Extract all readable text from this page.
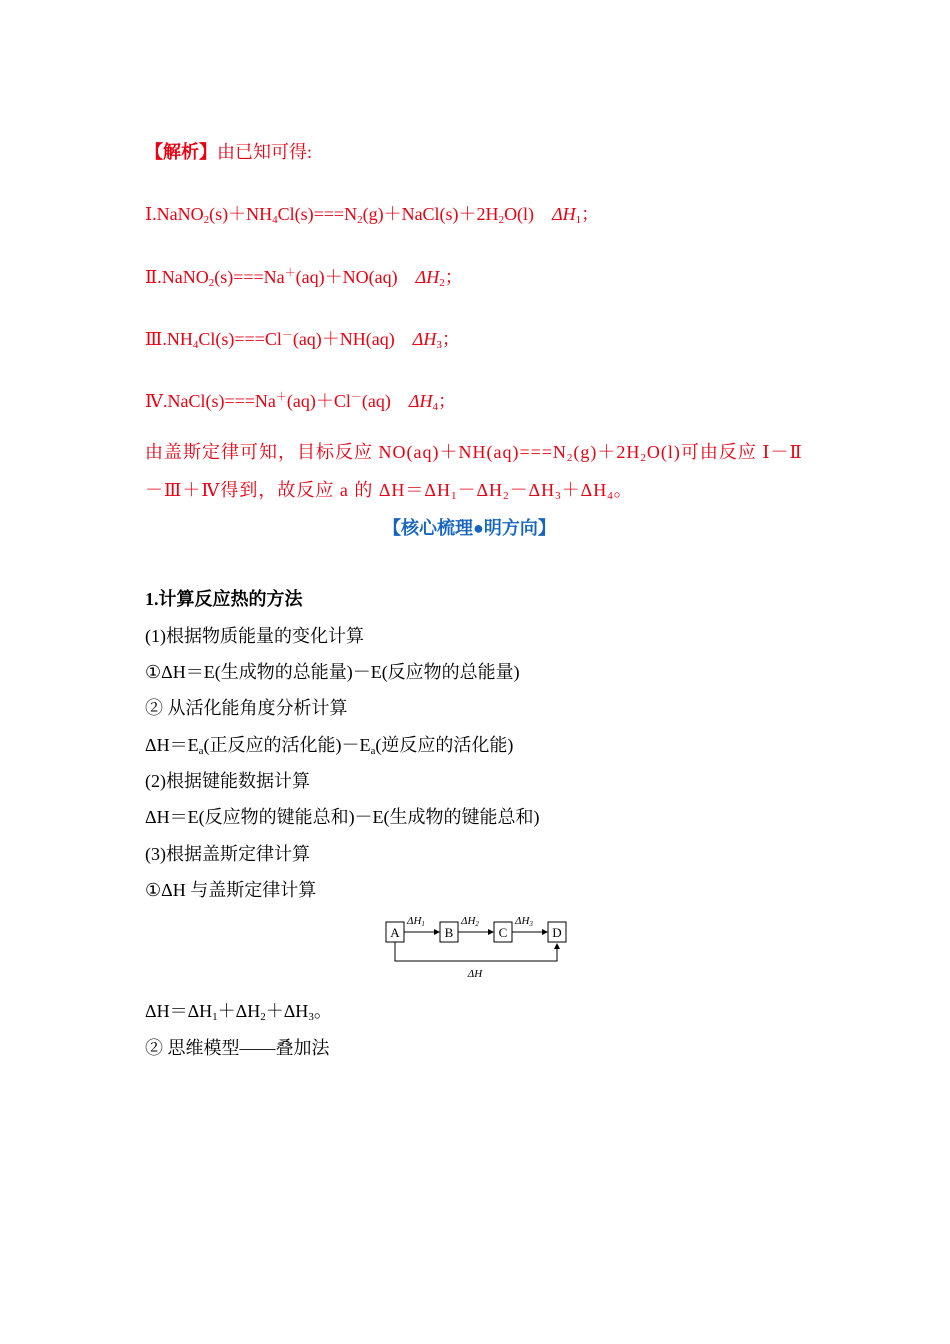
【解析】由已知可得:
$Ⅰ.NaNO_2(s)+NH_4Cl(s)===N_2(g)+NaCl(s)+2H_2O(l)$ $\Delta H_1$；
Ⅱ.NaNO$_2$(s)===Na＋(aq)＋NO(aq) $\Delta H_2$；
$Ⅲ.NH_4Cl(s)===Cl^-(aq)+NH(aq)$ $\Delta H_3$；
Ⅳ.NaCl(s)===Na＋(aq)＋Cl－(aq) $\Delta H_4$；
由盖斯定律可知，目标反应 $NO(aq)+NH(aq)===N_2(g)+2H_2O(l)$可由反应 Ⅰ－Ⅱ
－Ⅲ＋Ⅳ得到，故反应 a 的 $\Delta H=\Delta H_1-\Delta H_2-\Delta H_3+\Delta H_4$。
【核心梳理●明方向】
1.计算反应热的方法
(1)根据物质能量的变化计算
①ΔH＝E(生成物的总能量)－E(反应物的总能量)
② 从活化能角度分析计算
$\Delta H=E_a$(正反应的活化能)$-E_a$(逆反应的活化能)
(2)根据键能数据计算
ΔH＝E(反应物的键能总和)－E(生成物的键能总和)
(3)根据盖斯定律计算
①ΔH 与盖斯定律计算
A	B	C	D
ΔH1	ΔH2	ΔH3
ΔH
$\Delta H=\Delta H_1+\Delta H_2+\Delta H_3$。
② 思维模型——叠加法
